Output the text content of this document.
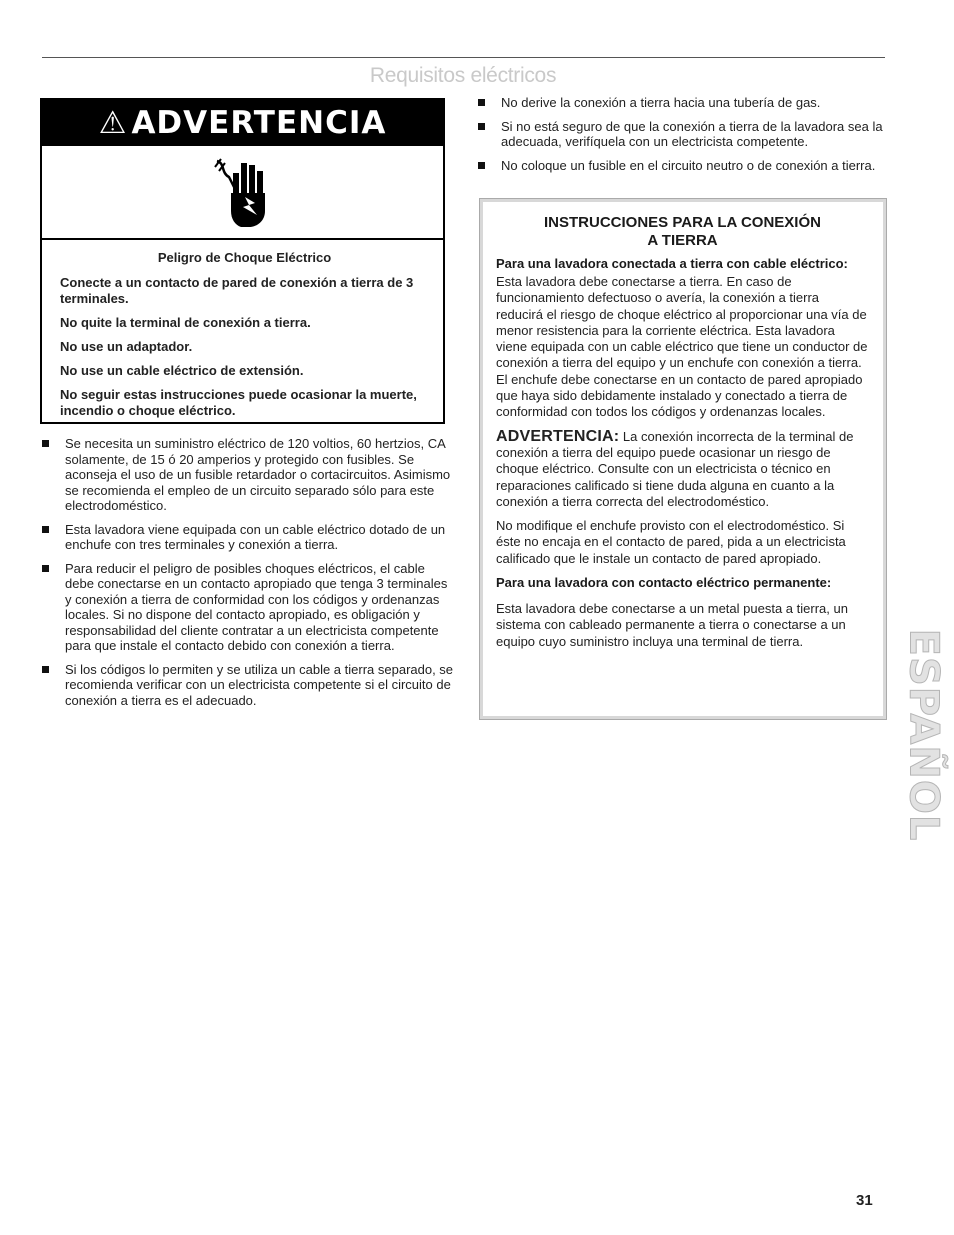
Requisitos eléctricos
⚠ ADVERTENCIA
Peligro de Choque Eléctrico
Conecte a un contacto de pared de conexión a tierra de 3 terminales.
No quite la terminal de conexión a tierra.
No use un adaptador.
No use un cable eléctrico de extensión.
No seguir estas instrucciones puede ocasionar la muerte, incendio o choque eléctrico.
Se necesita un suministro eléctrico de 120 voltios, 60 hertzios, CA solamente, de 15 ó 20 amperios y protegido con fusibles. Se aconseja el uso de un fusible retardador o cortacircuitos. Asimismo se recomienda el empleo de un circuito separado sólo para este electrodoméstico.
Esta lavadora viene equipada con un cable eléctrico dotado de un enchufe con tres terminales y conexión a tierra.
Para reducir el peligro de posibles choques eléctricos, el cable debe conectarse en un contacto apropiado que tenga 3 terminales y conexión a tierra de conformidad con los códigos y ordenanzas locales. Si no dispone del contacto apropiado, es obligación y responsabilidad del cliente contratar a un electricista competente para que instale el contacto debido con conexión a tierra.
Si los códigos lo permiten y se utiliza un cable a tierra separado, se recomienda verificar con un electricista competente si el circuito de conexión a tierra es el adecuado.
No derive la conexión a tierra hacia una tubería de gas.
Si no está seguro de que la conexión a tierra de la lavadora sea la adecuada, verifíquela con un electricista competente.
No coloque un fusible en el circuito neutro o de conexión a tierra.
INSTRUCCIONES PARA LA CONEXIÓN
A TIERRA
Para una lavadora conectada a tierra con cable eléctrico:
Esta lavadora debe conectarse a tierra. En caso de funcionamiento defectuoso o avería, la conexión a tierra reducirá el riesgo de choque eléctrico al proporcionar una vía de menor resistencia para la corriente eléctrica. Esta lavadora viene equipada con un cable eléctrico que tiene un conductor de conexión a tierra del equipo y un enchufe con conexión a tierra. El enchufe debe conectarse en un contacto de pared apropiado que haya sido debidamente instalado y conectado a tierra de conformidad con todos los códigos y ordenanzas locales.
ADVERTENCIA: La conexión incorrecta de la terminal de conexión a tierra del equipo puede ocasionar un riesgo de choque eléctrico. Consulte con un electricista o técnico en reparaciones calificado si tiene duda alguna en cuanto a la conexión a tierra correcta del electrodoméstico.
No modifique el enchufe provisto con el electrodoméstico. Si éste no encaja en el contacto de pared, pida a un electricista calificado que le instale un contacto de pared apropiado.
Para una lavadora con contacto eléctrico permanente:
Esta lavadora debe conectarse a un metal puesta a tierra, un sistema con cableado permanente a tierra o conectarse a un equipo cuyo suministro incluya una terminal de tierra.	ESPAÑOL
31
